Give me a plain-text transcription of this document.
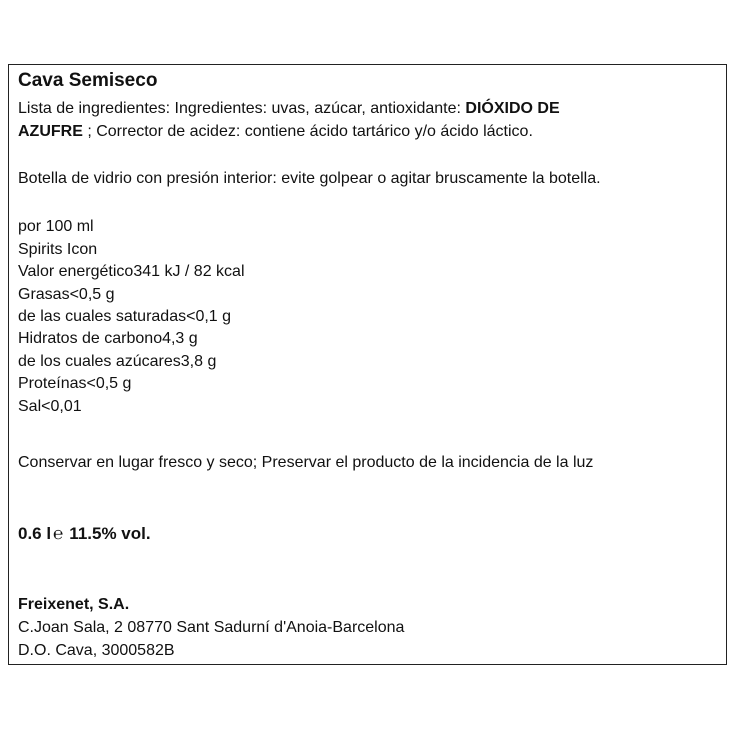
Cava Semiseco
Lista de ingredientes: Ingredientes: uvas, azúcar, antioxidante: DIÓXIDO DE
AZUFRE ; Corrector de acidez: contiene ácido tartárico y/o ácido láctico.
Botella de vidrio con presión interior: evite golpear o agitar bruscamente la botella.
por 100 ml
Spirits Icon
Valor energético341 kJ / 82 kcal
Grasas<0,5 g
de las cuales saturadas<0,1 g
Hidratos de carbono4,3 g
de los cuales azúcares3,8 g
Proteínas<0,5 g
Sal<0,01
Conservar en lugar fresco y seco; Preservar el producto de la incidencia de la luz
0.6 l ℮ 11.5% vol.
Freixenet, S.A.
C.Joan Sala, 2 08770 Sant Sadurní d'Anoia-Barcelona
D.O. Cava, 3000582B
